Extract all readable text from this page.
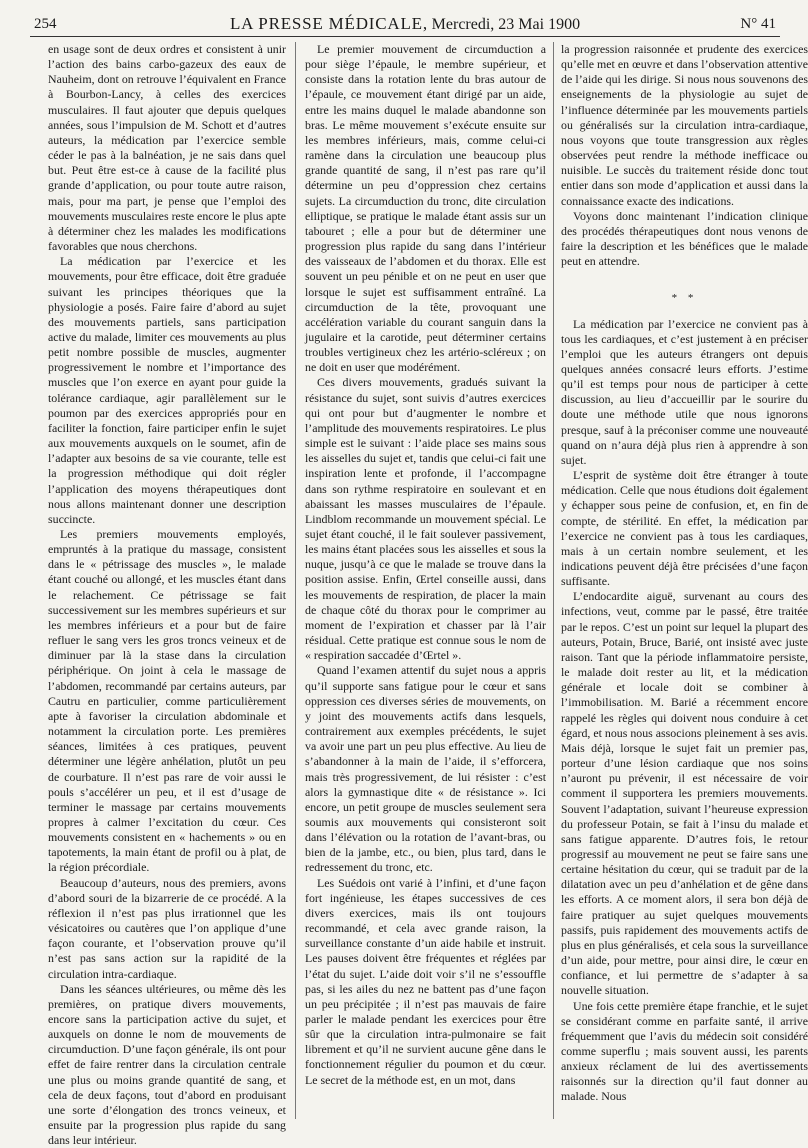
254	LA PRESSE MÉDICALE, Mercredi, 23 Mai 1900	N° 41

en usage sont de deux ordres et consistent à unir l’action des bains carbo-gazeux des eaux de Nauheim, dont on retrouve l’équivalent en France à Bourbon-Lancy, à celles des exercices musculaires. Il faut ajouter que depuis quelques années, sous l’impulsion de M. Schott et d’autres auteurs, la médication par l’exercice semble céder le pas à la balnéation, je ne sais dans quel but. Peut être est-ce à cause de la facilité plus grande d’application, ou pour toute autre raison, mais, pour ma part, je pense que l’emploi des mouvements musculaires reste encore le plus apte à déterminer chez les malades les modifications favorables que nous cherchons.

La médication par l’exercice et les mouvements, pour être efficace, doit être graduée suivant les principes théoriques que la physiologie a posés. Faire faire d’abord au sujet des mouvements partiels, sans participation active du malade, limiter ces mouvements au plus petit nombre possible de muscles, augmenter progressivement le nombre et l’importance des muscles que l’on exerce en ayant pour guide la tolérance cardiaque, agir parallèlement sur le poumon par des exercices appropriés pour en faciliter la fonction, faire participer enfin le sujet aux mouvements auxquels on le soumet, afin de l’adapter aux besoins de sa vie courante, telle est la progression méthodique qui doit régler l’application des moyens thérapeutiques dont nous allons maintenant donner une description succincte.

Les premiers mouvements employés, empruntés à la pratique du massage, consistent dans le « pétrissage des muscles », le malade étant couché ou allongé, et les muscles étant dans le relachement. Ce pétrissage se fait successivement sur les membres supérieurs et sur les membres inférieurs et a pour but de faire refluer le sang vers les gros troncs veineux et de diminuer par là la stase dans la circulation périphérique. On joint à cela le massage de l’abdomen, recommandé par certains auteurs, par Cautru en particulier, comme particulièrement apte à favoriser la circulation abdominale et notamment la circulation porte. Les premières séances, limitées à ces pratiques, peuvent déterminer une légère anhélation, plutôt un peu de courbature. Il n’est pas rare de voir aussi le pouls s’accélérer un peu, et il est d’usage de terminer le massage par certains mouvements propres à calmer l’excitation du cœur. Ces mouvements consistent en « hachements » ou en tapotements, la main étant de profil ou à plat, de la région précordiale.

Beaucoup d’auteurs, nous des premiers, avons d’abord souri de la bizarrerie de ce procédé. A la réflexion il n’est pas plus irrationnel que les vésicatoires ou cautères que l’on applique d’une façon courante, et l’observation prouve qu’il n’est pas sans action sur la rapidité de la circulation intra-cardiaque.

Dans les séances ultérieures, ou même dès les premières, on pratique divers mouvements, encore sans la participation active du sujet, et auxquels on donne le nom de mouvements de circumduction. D’une façon générale, ils ont pour effet de faire rentrer dans la circulation centrale une plus ou moins grande quantité de sang, et cela de deux façons, tout d’abord en produisant une sorte d’élongation des troncs veineux, et ensuite par la progression plus rapide du sang dans leur intérieur.

Le premier mouvement de circumduction a pour siège l’épaule, le membre supérieur, et consiste dans la rotation lente du bras autour de l’épaule, ce mouvement étant dirigé par un aide, entre les mains duquel le malade abandonne son bras. Le même mouvement s’exécute ensuite sur les membres inférieurs, mais, comme celui-ci ramène dans la circulation une beaucoup plus grande quantité de sang, il n’est pas rare qu’il détermine un peu d’oppression chez certains sujets. La circumduction du tronc, dite circulation elliptique, se pratique le malade étant assis sur un tabouret ; elle a pour but de déterminer une progression plus rapide du sang dans l’intérieur des vaisseaux de l’abdomen et du thorax. Elle est souvent un peu pénible et on ne peut en user que lorsque le sujet est suffisamment entraîné. La circumduction de la tête, provoquant une accélération variable du courant sanguin dans la jugulaire et la carotide, peut déterminer certains troubles vertigineux chez les artério-scléreux ; on ne doit en user que modérément.

Ces divers mouvements, gradués suivant la résistance du sujet, sont suivis d’autres exercices qui ont pour but d’augmenter le nombre et l’amplitude des mouvements respiratoires. Le plus simple est le suivant : l’aide place ses mains sous les aisselles du sujet et, tandis que celui-ci fait une inspiration lente et profonde, il l’accompagne dans son rythme respiratoire en soulevant et en abaissant les masses musculaires de l’épaule. Lindblom recommande un mouvement spécial. Le sujet étant couché, il le fait soulever passivement, les mains étant placées sous les aisselles et sous la nuque, jusqu’à ce que le malade se trouve dans la position assise. Enfin, Œrtel conseille aussi, dans les mouvements de respiration, de placer la main de chaque côté du thorax pour le comprimer au moment de l’expiration et chasser par là l’air résidual. Cette pratique est connue sous le nom de « respiration saccadée d’Œrtel ».

Quand l’examen attentif du sujet nous a appris qu’il supporte sans fatigue pour le cœur et sans oppression ces diverses séries de mouvements, on y joint des mouvements actifs dans lesquels, contrairement aux exemples précédents, le sujet va avoir une part un peu plus effective. Au lieu de s’abandonner à la main de l’aide, il s’efforcera, mais très progressivement, de lui résister : c’est alors la gymnastique dite « de résistance ». Ici encore, un petit groupe de muscles seulement sera soumis aux mouvements qui consisteront soit dans l’élévation ou la rotation de l’avant-bras, ou bien de la jambe, etc., ou bien, plus tard, dans le redressement du tronc, etc.

Les Suédois ont varié à l’infini, et d’une façon fort ingénieuse, les étapes successives de ces divers exercices, mais ils ont toujours recommandé, et cela avec grande raison, la surveillance constante d’un aide habile et instruit. Les pauses doivent être fréquentes et réglées par l’état du sujet. L’aide doit voir s’il ne s’essouffle pas, si les ailes du nez ne battent pas d’une façon un peu précipitée ; il n’est pas mauvais de faire parler le malade pendant les exercices pour être sûr que la circulation intra-pulmonaire se fait librement et qu’il ne survient aucune gêne dans le fonctionnement régulier du poumon et du cœur. Le secret de la méthode est, en un mot, dans

la progression raisonnée et prudente des exercices qu’elle met en œuvre et dans l’observation attentive de l’aide qui les dirige. Si nous nous souvenons des enseignements de la physiologie au sujet de l’influence déterminée par les mouvements partiels ou généralisés sur la circulation intra-cardiaque, nous voyons que toute transgression aux règles observées peut rendre la méthode inefficace ou nuisible. Le succès du traitement réside donc tout entier dans son mode d’application et aussi dans la connaissance exacte des indications.

Voyons donc maintenant l’indication clinique des procédés thérapeutiques dont nous venons de faire la description et les bénéfices que le malade peut en attendre.

* *

La médication par l’exercice ne convient pas à tous les cardiaques, et c’est justement à en préciser l’emploi que les auteurs étrangers ont depuis quelques années consacré leurs efforts. J’estime qu’il est temps pour nous de participer à cette discussion, au lieu d’accueillir par le sourire du doute une méthode utile que nous ignorons presque, sauf à la préconiser comme une nouveauté quand on n’aura déjà plus rien à apprendre à son sujet.

L’esprit de système doit être étranger à toute médication. Celle que nous étudions doit également y échapper sous peine de confusion, et, en fin de compte, de stérilité. En effet, la médication par l’exercice ne convient pas à tous les cardiaques, mais à un certain nombre seulement, et les indications peuvent déjà être précisées d’une façon suffisante.

L’endocardite aiguë, survenant au cours des infections, veut, comme par le passé, être traitée par le repos. C’est un point sur lequel la plupart des auteurs, Potain, Bruce, Barié, ont insisté avec juste raison. Tant que la période inflammatoire persiste, le malade doit rester au lit, et la médication générale et locale doit se combiner à l’immobilisation. M. Barié a récemment encore rappelé les règles qui doivent nous conduire à cet égard, et nous nous associons pleinement à ses avis. Mais déjà, lorsque le sujet fait un premier pas, porteur d’une lésion cardiaque que nos soins n’auront pu prévenir, il est nécessaire de voir comment il supportera les premiers mouvements. Souvent l’adaptation, suivant l’heureuse expression du professeur Potain, se fait à l’insu du malade et sans fatigue apparente. D’autres fois, le retour progressif au mouvement ne peut se faire sans une certaine hésitation du cœur, qui se traduit par de la dilatation avec un peu d’anhélation et de gêne dans les efforts. A ce moment alors, il sera bon déjà de faire pratiquer au sujet quelques mouvements passifs, puis rapidement des mouvements actifs de plus en plus généralisés, et cela sous la surveillance d’un aide, pour mettre, pour ainsi dire, le cœur en confiance, et lui permettre de s’adapter à sa nouvelle situation.

Une fois cette première étape franchie, et le sujet se considérant comme en parfaite santé, il arrive fréquemment que l’avis du médecin soit considéré comme superflu ; mais souvent aussi, les parents anxieux réclament de lui des avertissements raisonnés sur la direction qu’il faut donner au malade. Nous
